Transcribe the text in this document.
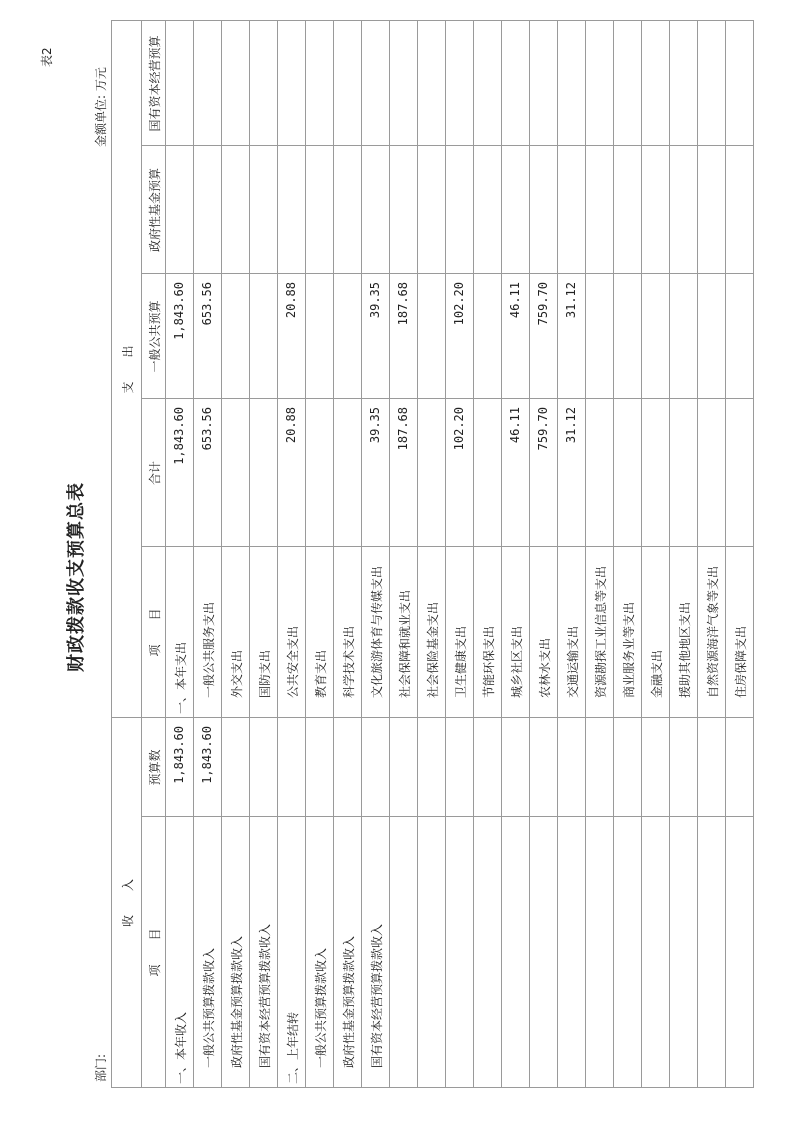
表2
财政拨款收支预算总表
部门:
金额单位: 万元
收　　入
支　　出
项　　目
预算数
项　　目
合计
一般公共预算
政府性基金预算
国有资本经营预算
一、本年收入
1,843.60
一、本年支出
1,843.60
1,843.60
一般公共预算拨款收入
1,843.60
一般公共服务支出
653.56
653.56
政府性基金预算拨款收入
外交支出
国有资本经营预算拨款收入
国防支出
二、上年结转
公共安全支出
20.88
20.88
一般公共预算拨款收入
教育支出
政府性基金预算拨款收入
科学技术支出
国有资本经营预算拨款收入
文化旅游体育与传媒支出
39.35
39.35
社会保障和就业支出
187.68
187.68
社会保险基金支出 卫生健康支出
102.20
102.20
节能环保支出 城乡社区支出
46.11
46.11
农林水支出
759.70
759.70
交通运输支出
31.12
31.12
资源勘探工业信息等支出 商业服务业等支出 金融支出 援助其他地区支出 自然资源海洋气象等支出 住房保障支出
